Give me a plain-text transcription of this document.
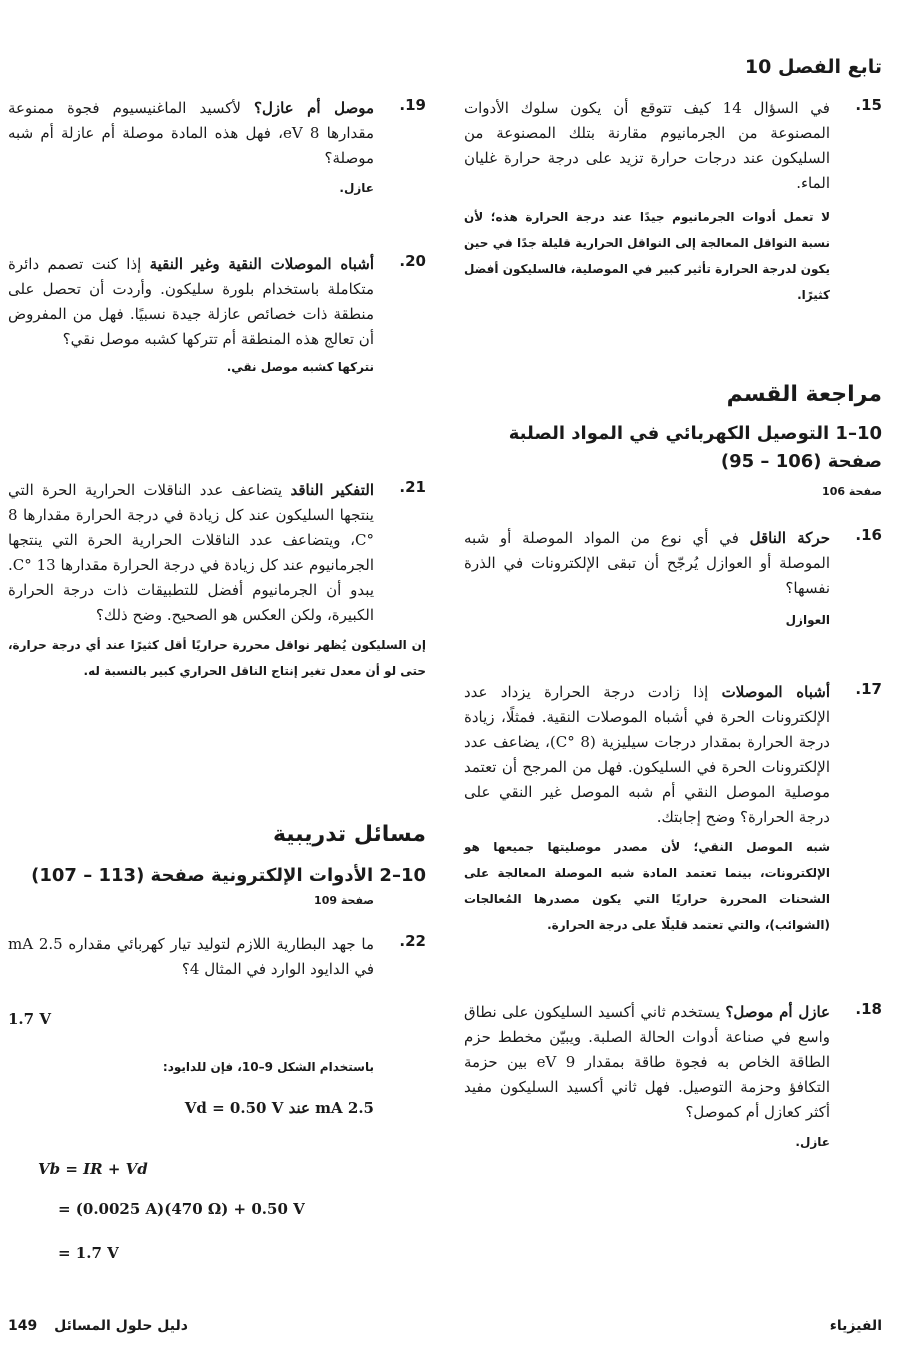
تابع الفصل 10
.15
في السؤال 14 كيف تتوقع أن يكون سلوك الأدوات المصنوعة من الجرمانيوم مقارنة بتلك المصنوعة من السليكون عند درجات حرارة تزيد على درجة حرارة غليان الماء.
لا تعمل أدوات الجرمانيوم جيدًا عند درجة الحرارة هذه؛ لأن نسبة النواقل المعالجة إلى النواقل الحرارية قليلة جدًا في حين يكون لدرجة الحرارة تأثير كبير في الموصلية، فالسليكون أفضل كثيرًا.
مراجعة القسم
10–1 التوصيل الكهربائي في المواد الصلبة صفحة (106 – 95)
صفحة 106
.16
حركة الناقل في أي نوع من المواد الموصلة أو شبه الموصلة أو العوازل يُرجّح أن تبقى الإلكترونات في الذرة نفسها؟
العوازل
.17
أشباه الموصلات إذا زادت درجة الحرارة يزداد عدد الإلكترونات الحرة في أشباه الموصلات النقية. فمثلًا، زيادة درجة الحرارة بمقدار درجات سيليزية (8 °C)، يضاعف عدد الإلكترونات الحرة في السليكون. فهل من المرجح أن تعتمد موصلية الموصل النقي أم شبه الموصل غير النقي على درجة الحرارة؟ وضح إجابتك.
شبه الموصل النقي؛ لأن مصدر موصليتها جميعها هو الإلكترونات، بينما تعتمد المادة شبه الموصلة المعالجة على الشحنات المحررة حراريًا التي يكون مصدرها المُعالجات (الشوائب)، والتي تعتمد قليلًا على درجة الحرارة.
.18
عازل أم موصل؟ يستخدم ثاني أكسيد السليكون على نطاق واسع في صناعة أدوات الحالة الصلبة. ويبيّن مخطط حزم الطاقة الخاص به فجوة طاقة بمقدار 9 eV بين حزمة التكافؤ وحزمة التوصيل. فهل ثاني أكسيد السليكون مفيد أكثر كعازل أم كموصل؟
عازل.
.19
موصل أم عازل؟ لأكسيد الماغنيسيوم فجوة ممنوعة مقدارها 8 eV، فهل هذه المادة موصلة أم عازلة أم شبه موصلة؟
عازل.
.20
أشباه الموصلات النقية وغير النقية إذا كنت تصمم دائرة متكاملة باستخدام بلورة سليكون. وأردت أن تحصل على منطقة ذات خصائص عازلة جيدة نسبيًا. فهل من المفروض أن تعالج هذه المنطقة أم تتركها كشبه موصل نقي؟
نتركها كشبه موصل نقي.
.21
التفكير الناقد يتضاعف عدد الناقلات الحرارية الحرة التي ينتجها السليكون عند كل زيادة في درجة الحرارة مقدارها 8 °C، ويتضاعف عدد الناقلات الحرارية الحرة التي ينتجها الجرمانيوم عند كل زيادة في درجة الحرارة مقدارها 13 °C. يبدو أن الجرمانيوم أفضل للتطبيقات ذات درجة الحرارة الكبيرة، ولكن العكس هو الصحيح. وضح ذلك؟
إن السليكون يُظهر نواقل محررة حراريًا أقل كثيرًا عند أي درجة حرارة، حتى لو أن معدل تغير إنتاج الناقل الحراري كبير بالنسبة له.
مسائل تدريبية
10–2 الأدوات الإلكترونية صفحة (113 – 107)
صفحة 109
.22
ما جهد البطارية اللازم لتوليد تيار كهربائي مقداره 2.5 mA في الدايود الوارد في المثال 4؟
1.7 V
باستخدام الشكل 9–10، فإن للدايود:
2.5 mA عند Vd = 0.50 V
Vb = IR + Vd
= (0.0025 A)(470 Ω) + 0.50 V
= 1.7 V
الفيزياء
دليل حلول المسائل 149
